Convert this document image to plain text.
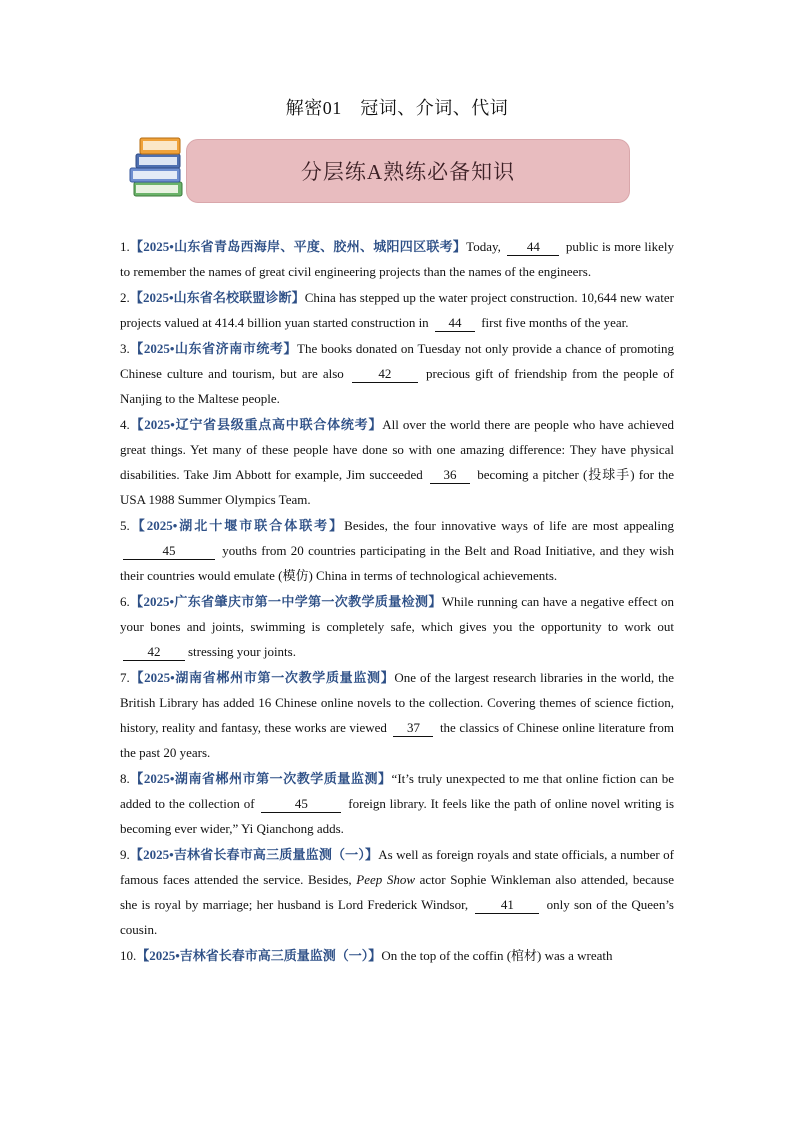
解密01　冠词、介词、代词
分层练A熟练必备知识

1.【2025•山东省青岛西海岸、平度、胶州、城阳四区联考】Today, 44 public is more likely to remember the names of great civil engineering projects than the names of the engineers.

2.【2025•山东省名校联盟诊断】China has stepped up the water project construction. 10,644 new water projects valued at 414.4 billion yuan started construction in 44 first five months of the year.

3.【2025•山东省济南市统考】The books donated on Tuesday not only provide a chance of promoting Chinese culture and tourism, but are also 42 precious gift of friendship from the people of Nanjing to the Maltese people.

4.【2025•辽宁省县级重点高中联合体统考】All over the world there are people who have achieved great things. Yet many of these people have done so with one amazing difference: They have physical disabilities. Take Jim Abbott for example, Jim succeeded 36 becoming a pitcher (投球手) for the USA 1988 Summer Olympics Team.

5.【2025•湖北十堰市联合体联考】Besides, the four innovative ways of life are most appealing 45	youths from 20 countries participating in the Belt and Road Initiative, and they wish their countries would emulate (模仿) China in terms of technological achievements.

6.【2025•广东省肇庆市第一中学第一次教学质量检测】While running can have a negative effect on your bones and joints, swimming is completely safe, which gives you the opportunity to work out42 stressing your joints.

7.【2025•湖南省郴州市第一次教学质量监测】One of the largest research libraries in the world, the British Library has added 16 Chinese online novels to the collection. Covering themes of science fiction, history, reality and fantasy, these works are viewed 37 the classics of Chinese online literature from the past 20 years.

8.【2025•湖南省郴州市第一次教学质量监测】“It’s truly unexpected to me that online fiction can be added to the collection of	45	foreign library. It feels like the path of online novel writing is becoming ever wider,” Yi Qianchong adds.

9.【2025•吉林省长春市高三质量监测（一）】As well as foreign royals and state officials, a number of famous faces attended the service. Besides, Peep Show actor Sophie Winkleman also attended, because she is royal by marriage; her husband is Lord Frederick Windsor, 41 only son of the Queen’s cousin.

10.【2025•吉林省长春市高三质量监测（一）】On the top of the coffin (棺材) was a wreath
